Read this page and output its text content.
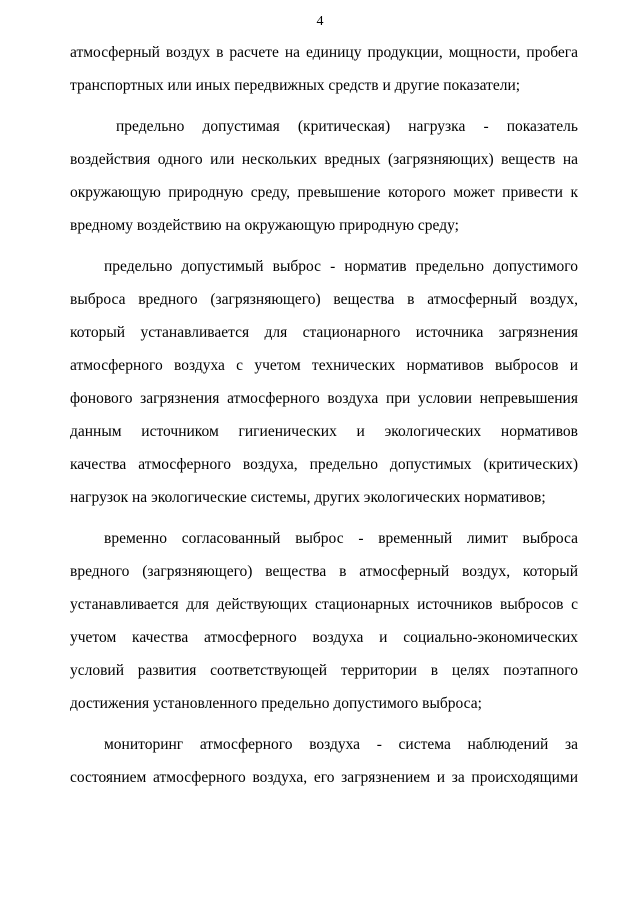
4
атмосферный воздух в расчете на единицу продукции, мощности, пробега
транспортных или иных передвижных средств и другие показатели;
предельно допустимая (критическая) нагрузка - показатель
воздействия одного или нескольких вредных (загрязняющих) веществ на
окружающую природную среду, превышение которого может привести к
вредному воздействию на окружающую природную среду;
предельно допустимый выброс - норматив предельно допустимого
выброса вредного (загрязняющего) вещества в атмосферный воздух,
который устанавливается для стационарного источника загрязнения
атмосферного воздуха с учетом технических нормативов выбросов и
фонового загрязнения атмосферного воздуха при условии непревышения
данным источником гигиенических и экологических нормативов
качества атмосферного воздуха, предельно допустимых (критических)
нагрузок на экологические системы, других экологических нормативов;
временно согласованный выброс - временный лимит выброса
вредного (загрязняющего) вещества в атмосферный воздух, который
устанавливается для действующих стационарных источников выбросов с
учетом качества атмосферного воздуха и социально-экономических
условий развития соответствующей территории в целях поэтапного
достижения установленного предельно допустимого выброса;
мониторинг атмосферного воздуха - система наблюдений за
состоянием атмосферного воздуха, его загрязнением и за происходящими
